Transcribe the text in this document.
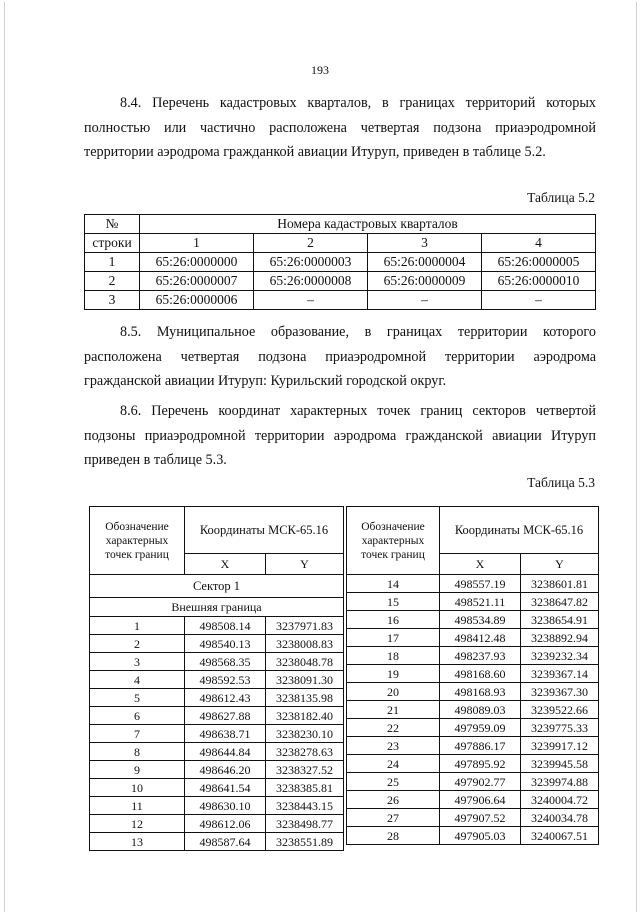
193

8.4. Перечень кадастровых кварталов, в границах территорий которых полностью или частично расположена четвертая подзона приаэродромной территории аэродрома гражданкой авиации Итуруп, приведен в таблице 5.2.

Таблица 5.2
№	Номера кадастровых кварталов			
строки	1	2	3	4
1	65:26:0000000	65:26:0000003	65:26:0000004	65:26:0000005
2	65:26:0000007	65:26:0000008	65:26:0000009	65:26:0000010
3	65:26:0000006	–	–	–

8.5. Муниципальное образование, в границах территории которого расположена четвертая подзона приаэродромной территории аэродрома гражданской авиации Итуруп: Курильский городской округ.

8.6. Перечень координат характерных точек границ секторов четвертой подзоны приаэродромной территории аэродрома гражданской авиации Итуруп приведен в таблице 5.3.

Таблица 5.3
Обозначение характерных точек границ	Координаты МСК-65.16	
	X	Y
Сектор 1		
Внешняя граница		
1	498508.14	3237971.83
2	498540.13	3238008.83
3	498568.35	3238048.78
4	498592.53	3238091.30
5	498612.43	3238135.98
6	498627.88	3238182.40
7	498638.71	3238230.10
8	498644.84	3238278.63
9	498646.20	3238327.52
10	498641.54	3238385.81
11	498630.10	3238443.15
12	498612.06	3238498.77
13	498587.64	3238551.89
Обозначение характерных точек границ	Координаты МСК-65.16	
	X	Y
14	498557.19	3238601.81
15	498521.11	3238647.82
16	498534.89	3238654.91
17	498412.48	3238892.94
18	498237.93	3239232.34
19	498168.60	3239367.14
20	498168.93	3239367.30
21	498089.03	3239522.66
22	497959.09	3239775.33
23	497886.17	3239917.12
24	497895.92	3239945.58
25	497902.77	3239974.88
26	497906.64	3240004.72
27	497907.52	3240034.78
28	497905.03	3240067.51
